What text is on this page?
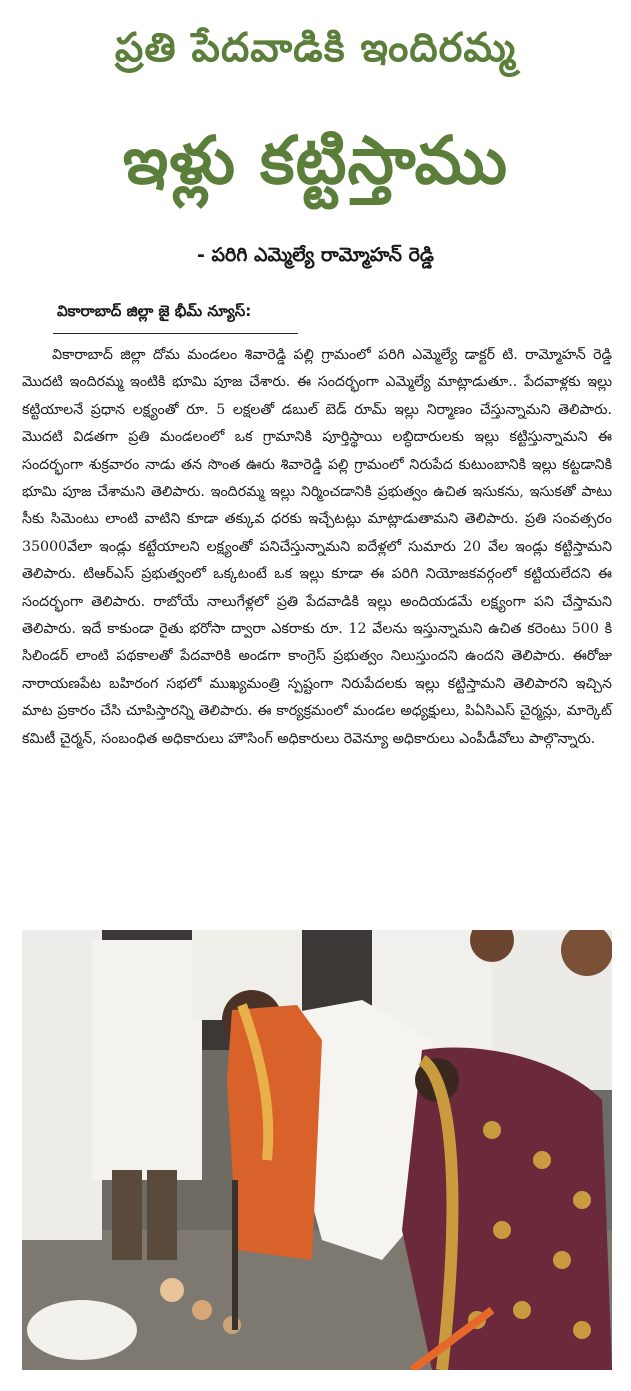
ప్రతి పేదవాడికి ఇందిరమ్మ
ఇళ్లు కట్టిస్తాము
- పరిగి ఎమ్మెల్యే రామ్మోహన్ రెడ్డి
వికారాబాద్ జిల్లా జై భీమ్ న్యూస్:

వికారాబాద్ జిల్లా దోమ మండలం శివారెడ్డి పల్లి గ్రామంలో పరిగి ఎమ్మెల్యే డాక్టర్ టి. రామ్మోహన్ రెడ్డి మొదటి ఇందిరమ్మ ఇంటికి భూమి పూజ చేశారు. ఈ సందర్భంగా ఎమ్మెల్యే మాట్లాడుతూ.. పేదవాళ్లకు ఇల్లు కట్టియాలనే ప్రధాన లక్ష్యంతో రూ. 5 లక్షలతో డబుల్ బెడ్ రూమ్ ఇల్లు నిర్మాణం చేస్తున్నామని తెలిపారు. మొదటి విడతగా ప్రతి మండలంలో ఒక గ్రామానికి పూర్తిస్థాయి లబ్ధిదారులకు ఇల్లు కట్టిస్తున్నామని ఈ సందర్భంగా శుక్రవారం నాడు తన సొంత ఊరు శివారెడ్డి పల్లి గ్రామంలో నిరుపేద కుటుంబానికి ఇల్లు కట్టడానికి భూమి పూజ చేశామని తెలిపారు. ఇందిరమ్మ ఇల్లు నిర్మించడానికి ప్రభుత్వం ఉచిత ఇసుకను, ఇసుకతో పాటు సీకు సిమెంటు లాంటి వాటిని కూడా తక్కువ ధరకు ఇచ్చేటట్లు మాట్లాడుతామని తెలిపారు. ప్రతి సంవత్సరం 35000వేలా ఇండ్లు కట్టేయాలని లక్ష్యంతో పనిచేస్తున్నామని ఐదేళ్లలో సుమారు 20 వేల ఇండ్లు కట్టిస్తామని తెలిపారు. టిఆర్ఎస్ ప్రభుత్వంలో ఒక్కటంటే ఒక ఇల్లు కూడా ఈ పరిగి నియోజకవర్గంలో కట్టియలేదని ఈ సందర్భంగా తెలిపారు. రాబోయే నాలుగేళ్లలో ప్రతి పేదవాడికి ఇల్లు అందియడమే లక్ష్యంగా పని చేస్తామని తెలిపారు. ఇదే కాకుండా రైతు భరోసా ద్వారా ఎకరాకు రూ. 12 వేలను ఇస్తున్నామని ఉచిత కరెంటు 500 కి సిలిండర్ లాంటి పథకాలతో పేదవారికి అండగా కాంగ్రెస్ ప్రభుత్వం నిలుస్తుందని ఉందని తెలిపారు. ఈరోజు నారాయణపేట బహిరంగ సభలో ముఖ్యమంత్రి స్పష్టంగా నిరుపేదలకు ఇల్లు కట్టిస్తామని తెలిపారని ఇచ్చిన మాట ప్రకారం చేసి చూపిస్తారన్ని తెలిపారు. ఈ కార్యక్రమంలో మండల అధ్యక్షులు, పిఏసిఎస్ చైర్మన్లు, మార్కెట్ కమిటీ చైర్మన్, సంబంధిత అధికారులు హౌసింగ్ అధికారులు రెవెన్యూ అధికారులు ఎంపీడీవోలు పాల్గొన్నారు.
